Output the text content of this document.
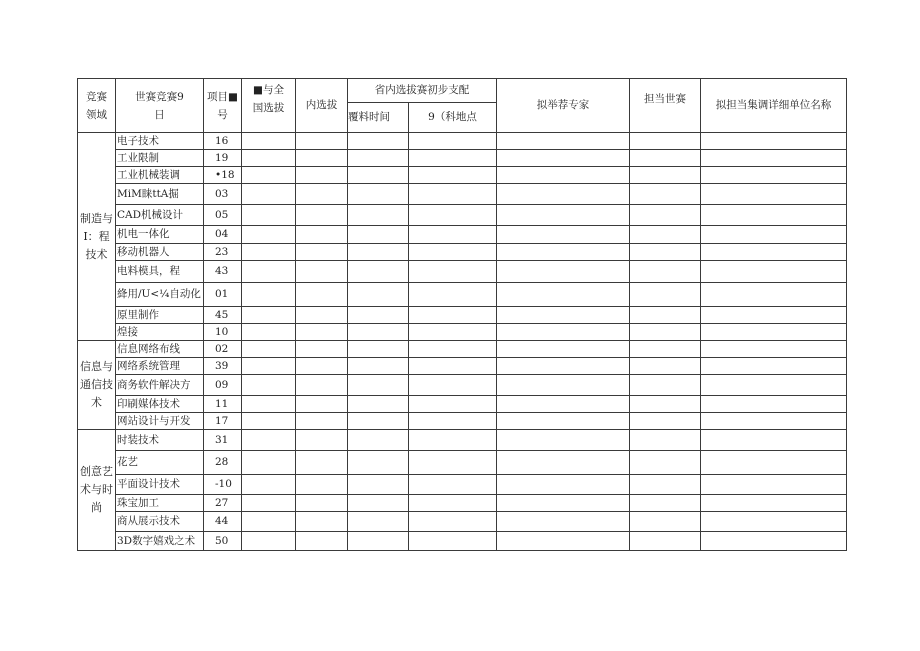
竞赛领域	世赛竞赛9日	项目■号	■与全国选拔	内选拔	省内选拔赛初步支配		拟举荐专家	担当世赛	拟担当集调详细单位名称
					覆料时间	9（科地点			
制造与I：程技术	电子技术	16							
	工业限制	19							
	工业机械装调	•18							
	MiM睐ttA掘	03							
	CAD机械设计	05							
	机电一体化	04							
	移动机器人	23							
	电料模具，程	43							
	絳用/U<¼自动化	01							
	原里制作	45							
	煌接	10							
信息与通信技术	信息网络布线	02							
	网络系统管理	39							
	商务软件解决方	09							
	印刷媒体技术	11							
	网站设计与开发	17							
创意艺术与时尚	时装技术	31							
	花艺	28							
	平面设计技术	-10							
	珠宝加工	27							
	商从展示技术	44							
	3D数字嬉戏之术	50							
